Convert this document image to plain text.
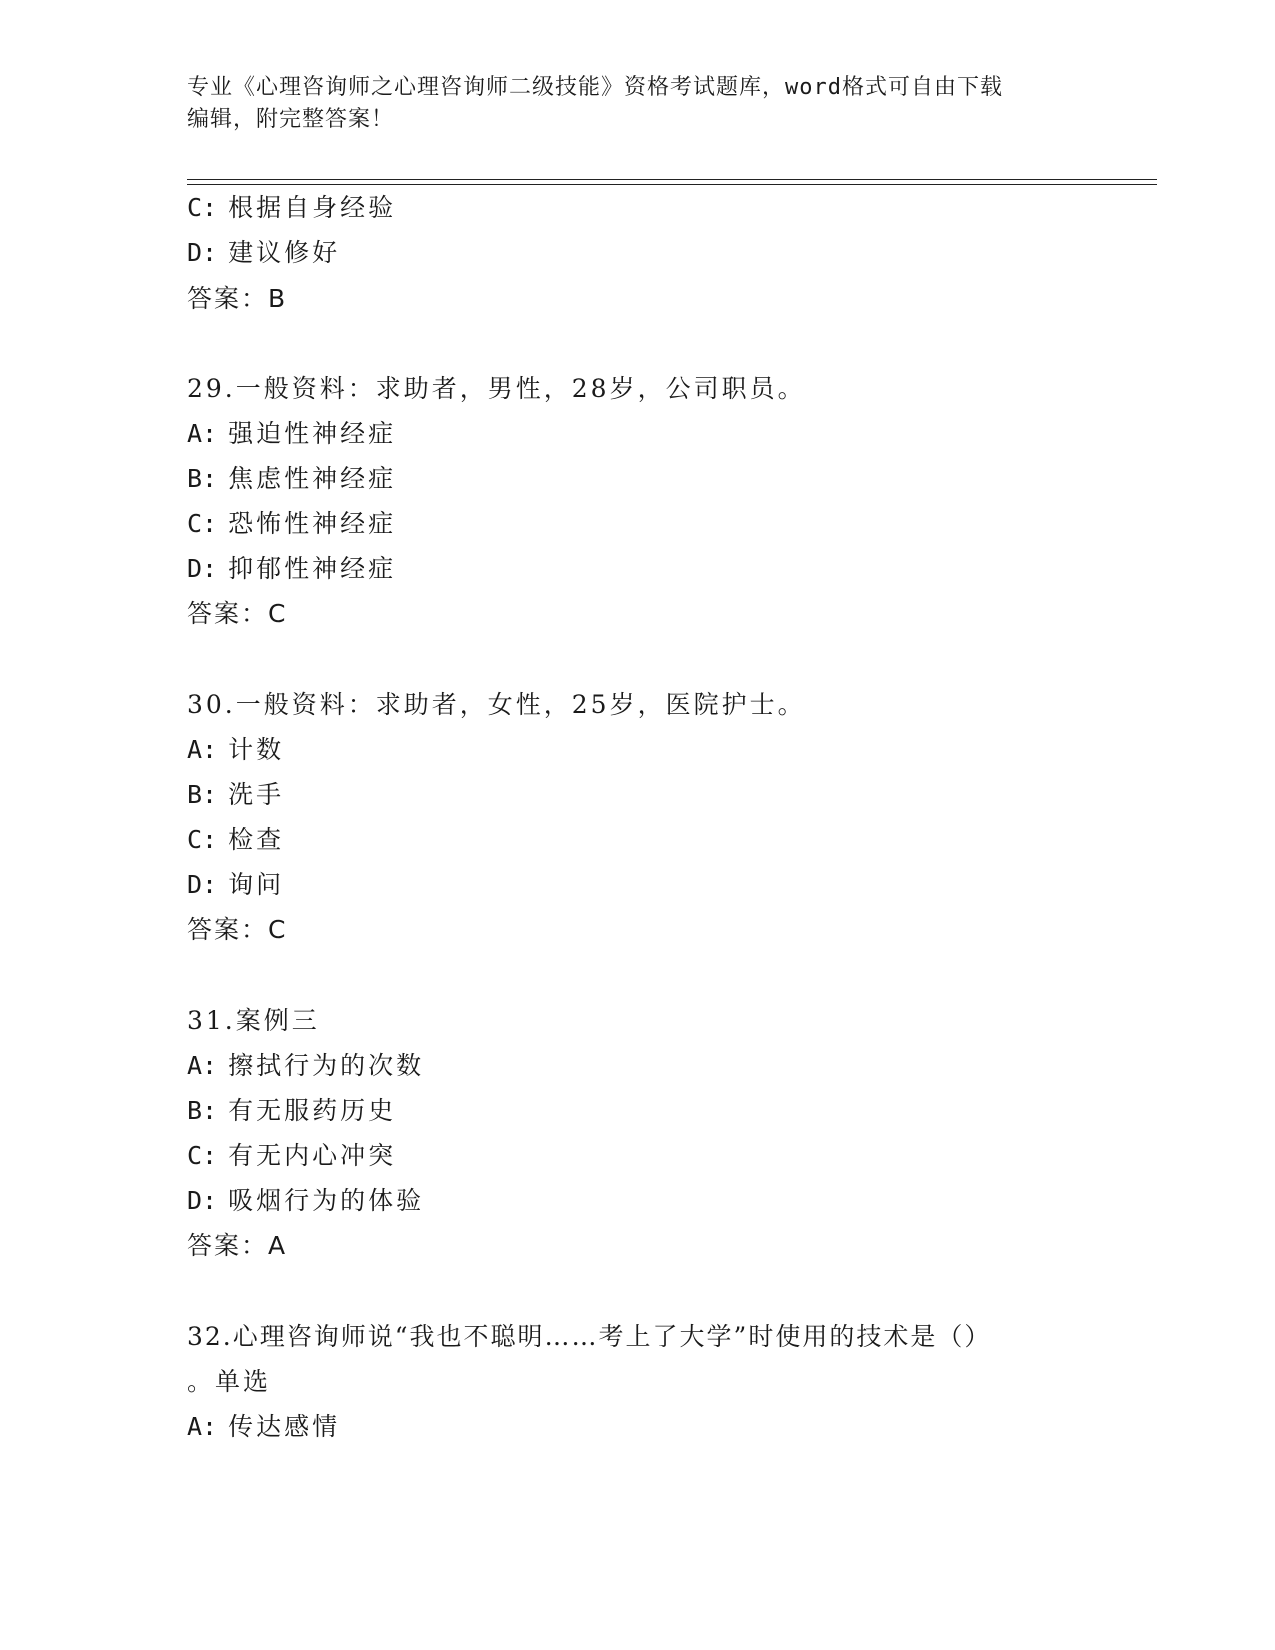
专业《心理咨询师之心理咨询师二级技能》资格考试题库，word格式可自由下载
编辑，附完整答案！
C: 根据自身经验
D: 建议修好
答案：B
29.一般资料：求助者，男性，28岁，公司职员。
A: 强迫性神经症
B: 焦虑性神经症
C: 恐怖性神经症
D: 抑郁性神经症
答案：C
30.一般资料：求助者，女性，25岁，医院护士。
A: 计数
B: 洗手
C: 检查
D: 询问
答案：C
31.案例三
A: 擦拭行为的次数
B: 有无服药历史
C: 有无内心冲突
D: 吸烟行为的体验
答案：A
32.心理咨询师说“我也不聪明……考上了大学”时使用的技术是（）
。单选
A: 传达感情
